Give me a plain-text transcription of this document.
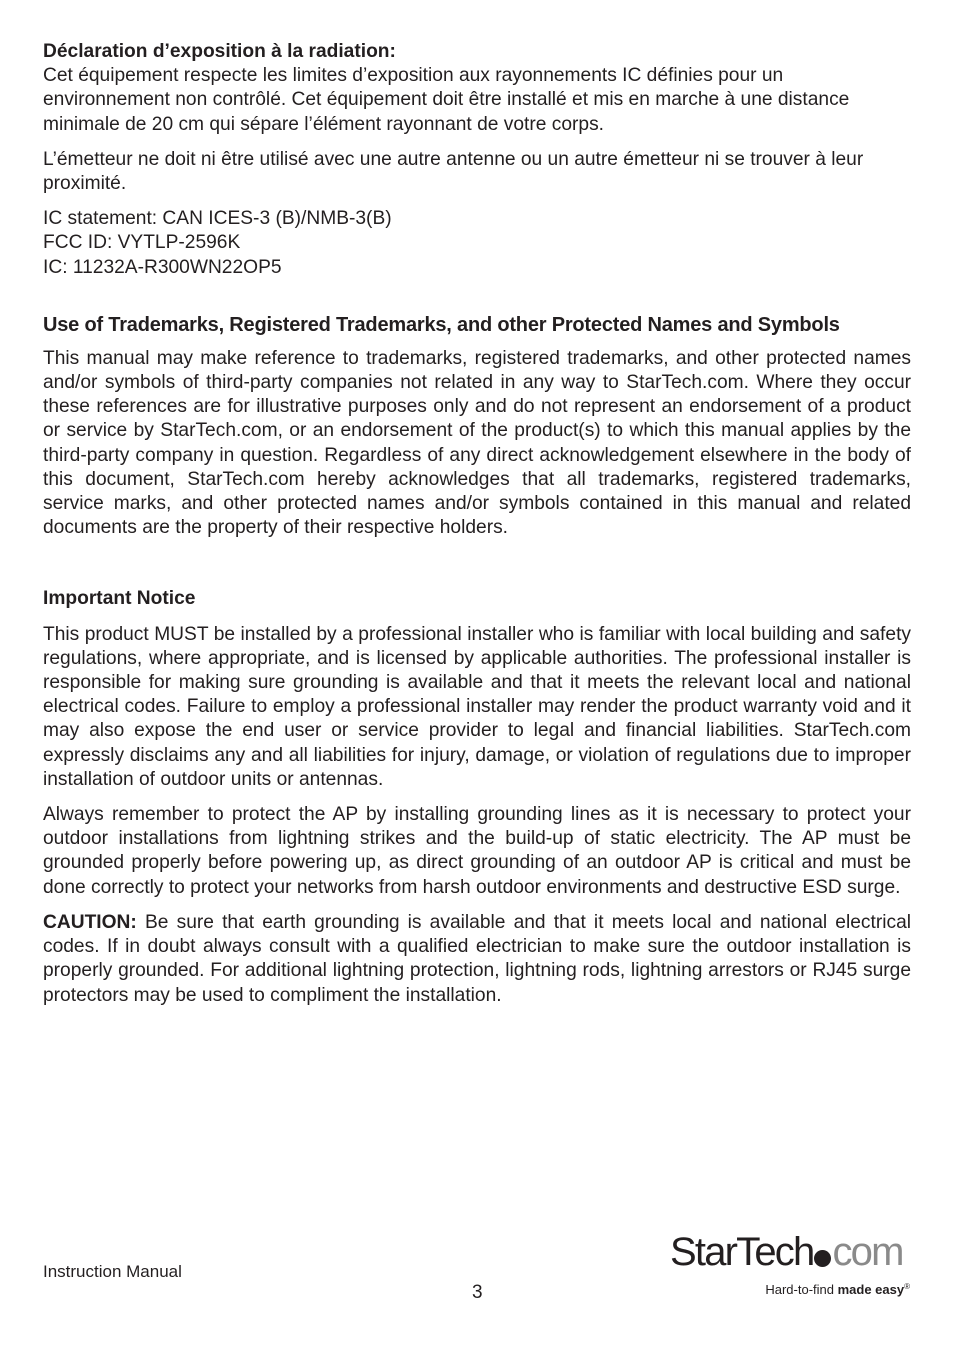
Déclaration d’exposition à la radiation:
Cet équipement respecte les limites d’exposition aux rayonnements IC définies pour un environnement non contrôlé. Cet équipement doit être installé et mis en marche à une distance minimale de 20 cm qui sépare l’élément rayonnant de votre corps.

L’émetteur ne doit ni être utilisé avec une autre antenne ou un autre émetteur ni se trouver à leur proximité.

IC statement: CAN ICES-3 (B)/NMB-3(B)
FCC ID: VYTLP-2596K
IC: 11232A-R300WN22OP5

Use of Trademarks, Registered Trademarks, and other Protected Names and Symbols

This manual may make reference to trademarks, registered trademarks, and other protected names and/or symbols of third-party companies not related in any way to StarTech.com. Where they occur these references are for illustrative purposes only and do not represent an endorsement of a product or service by StarTech.com, or an endorsement of the product(s) to which this manual applies by the third-party company in question. Regardless of any direct acknowledgement elsewhere in the body of this document, StarTech.com hereby acknowledges that all trademarks, registered trademarks, service marks, and other protected names and/or symbols contained in this manual and related documents are the property of their respective holders.

Important Notice

This product MUST be installed by a professional installer who is familiar with local building and safety regulations, where appropriate, and is licensed by applicable authorities. The professional installer is responsible for making sure grounding is available and that it meets the relevant local and national electrical codes. Failure to employ a professional installer may render the product warranty void and it may also expose the end user or service provider to legal and financial liabilities. StarTech.com expressly disclaims any and all liabilities for injury, damage, or violation of regulations due to improper installation of outdoor units or antennas.

Always remember to protect the AP by installing grounding lines as it is necessary to protect your outdoor installations from lightning strikes and the build-up of static electricity. The AP must be grounded properly before powering up, as direct grounding of an outdoor AP is critical and must be done correctly to protect your networks from harsh outdoor environments and destructive ESD surge.

CAUTION: Be sure that earth grounding is available and that it meets local and national electrical codes. If in doubt always consult with a qualified electrician to make sure the outdoor installation is properly grounded. For additional lightning protection, lightning rods, lightning arrestors or RJ45 surge protectors may be used to compliment the installation.

Instruction Manual
3
StarTech com
Hard-to-find made easy®
